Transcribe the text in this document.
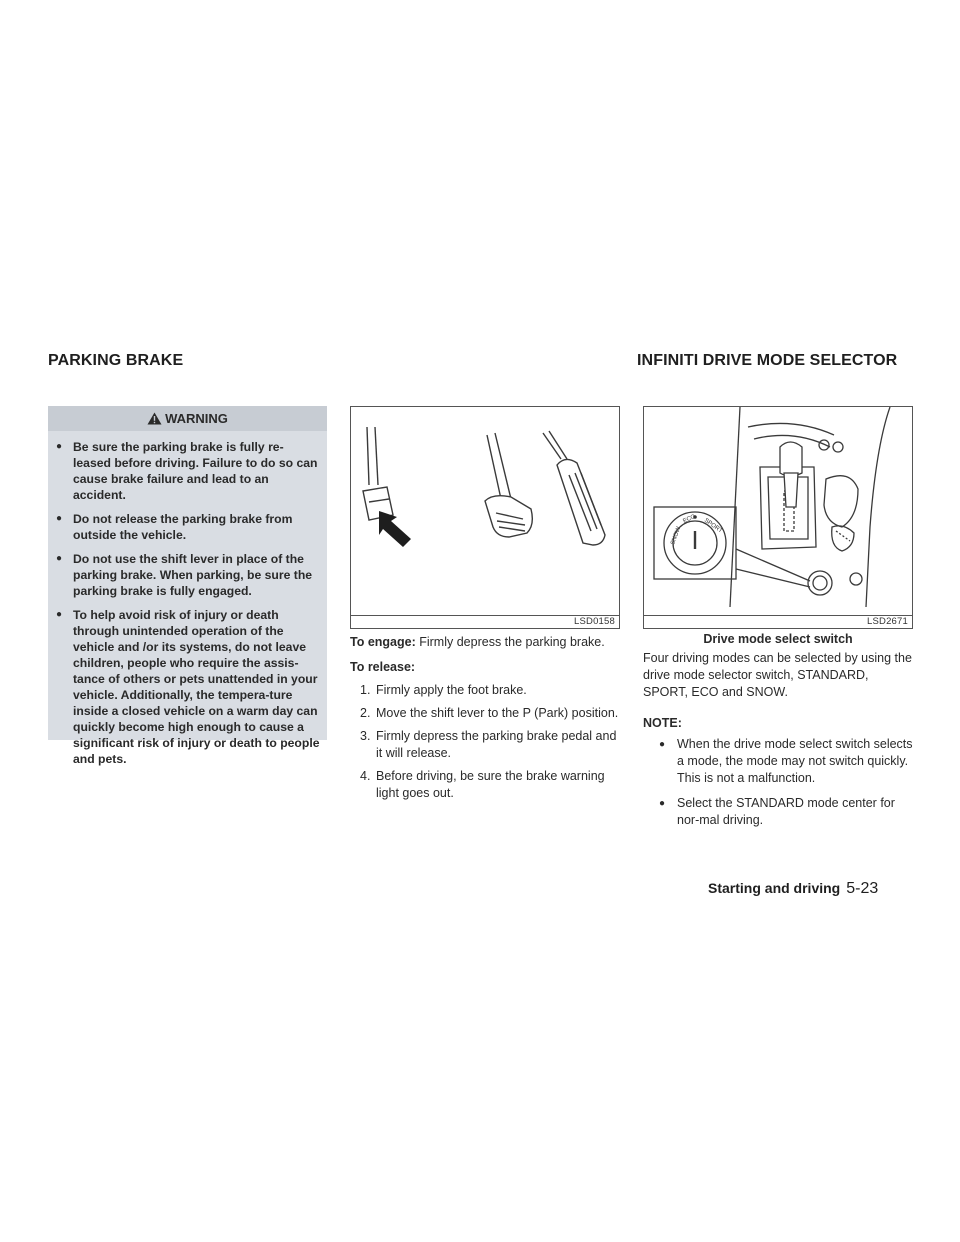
PARKING BRAKE	INFINITI DRIVE MODE SELECTOR
WARNING
● Be sure the parking brake is fully re-leased before driving. Failure to do so can cause brake failure and lead to an accident.
● Do not release the parking brake from outside the vehicle.
● Do not use the shift lever in place of the parking brake. When parking, be sure the parking brake is fully engaged.
● To help avoid risk of injury or death through unintended operation of the vehicle and /or its systems, do not leave children, people who require the assis-tance of others or pets unattended in your vehicle. Additionally, the tempera-ture inside a closed vehicle on a warm day can quickly become high enough to cause a significant risk of injury or death to people and pets.
LSD0158
SNOW
ECO SPORT
LSD2671
Drive mode select switch

To engage: Firmly depress the parking brake.

To release:
1. Firmly apply the foot brake.
2. Move the shift lever to the P (Park) position.
3. Firmly depress the parking brake pedal and it will release.
4. Before driving, be sure the brake warning light goes out.

Four driving modes can be selected by using the drive mode selector switch, STANDARD, SPORT, ECO and SNOW.

NOTE:
● When the drive mode select switch selects a mode, the mode may not switch quickly. This is not a malfunction.
● Select the STANDARD mode center for nor-mal driving.
Starting and driving 5-23
